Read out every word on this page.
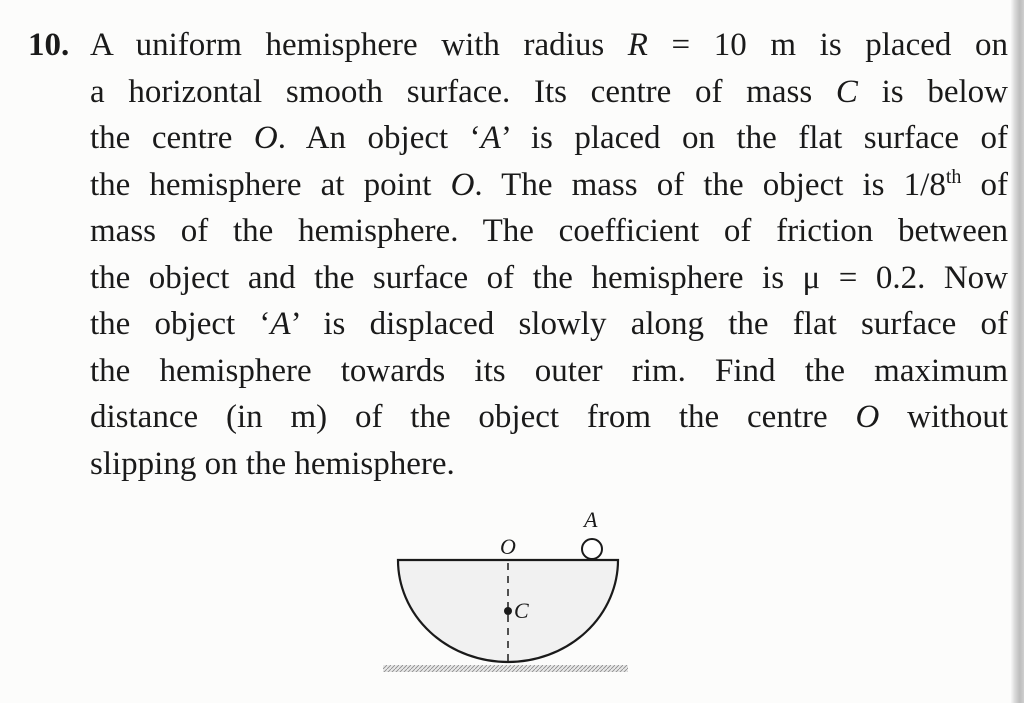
10. A uniform hemisphere with radius R = 10 m is placed on
a horizontal smooth surface. Its centre of mass C is below
the centre O. An object ‘A’ is placed on the flat surface of
the hemisphere at point O. The mass of the object is 1/8th of
mass of the hemisphere. The coefficient of friction between
the object and the surface of the hemisphere is μ = 0.2. Now
the object ‘A’ is displaced slowly along the flat surface of
the hemisphere towards its outer rim. Find the maximum
distance (in m) of the object from the centre O without
slipping on the hemisphere.
O
A
C
